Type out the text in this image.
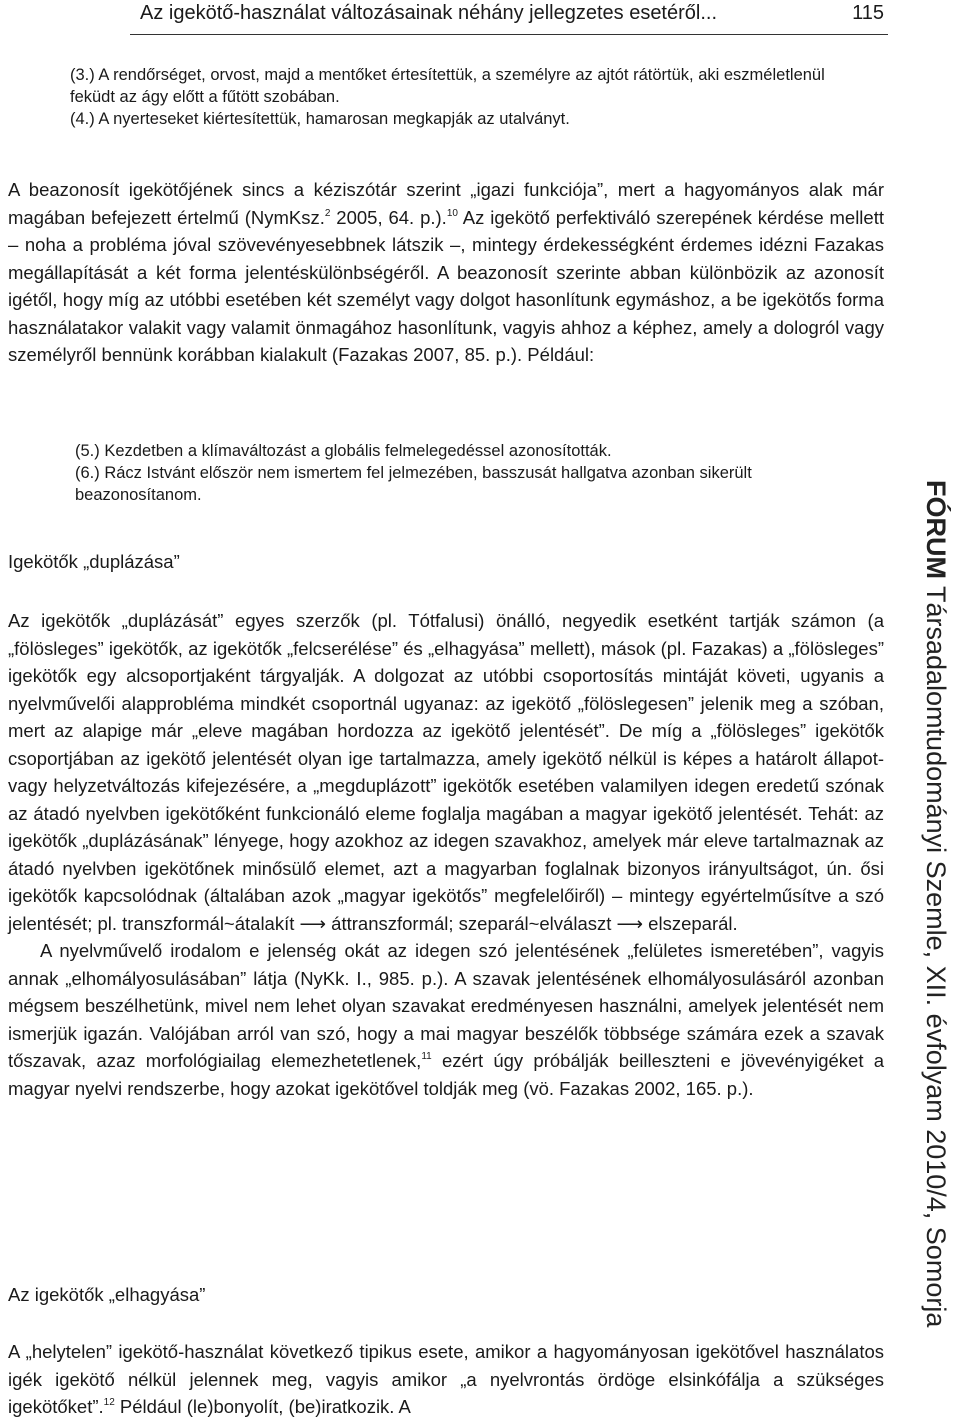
Az igekötő-használat változásainak néhány jellegzetes esetéről...	115

(3.) A rendőrséget, orvost, majd a mentőket értesítettük, a személyre az ajtót rátörtük, aki eszméletlenül feküdt az ágy előtt a fűtött szobában.

(4.) A nyerteseket kiértesítettük, hamarosan megkapják az utalványt.

A beazonosít igekötőjének sincs a kéziszótár szerint „igazi funkciója”, mert a hagyományos alak már magában befejezett értelmű (NymKsz.$^2$ 2005, 64. p.).$^{10}$ Az igekötő perfektiváló szerepének kérdése mellett – noha a probléma jóval szövevényesebbnek látszik –, mintegy érdekességként érdemes idézni Fazakas megállapítását a két forma jelentéskülönbségéről. A beazonosít szerinte abban különbözik az azonosít igétől, hogy míg az utóbbi esetében két személyt vagy dolgot hasonlítunk egymáshoz, a be igekötős forma használatakor valakit vagy valamit önmagához hasonlítunk, vagyis ahhoz a képhez, amely a dologról vagy személyről bennünk korábban kialakult (Fazakas 2007, 85. p.). Például:

(5.) Kezdetben a klímaváltozást a globális felmelegedéssel azonosították.

(6.) Rácz Istvánt először nem ismertem fel jelmezében, basszusát hallgatva azonban sikerült beazonosítanom.

Igekötők „duplázása”

Az igekötők „duplázását” egyes szerzők (pl. Tótfalusi) önálló, negyedik esetként tartják számon (a „fölösleges” igekötők, az igekötők „felcserélése” és „elhagyása” mellett), mások (pl. Fazakas) a „fölösleges” igekötők egy alcsoportjaként tárgyalják. A dolgozat az utóbbi csoportosítás mintáját követi, ugyanis a nyelvművelői alapprobléma mindkét csoportnál ugyanaz: az igekötő „fölöslegesen” jelenik meg a szóban, mert az alapige már „eleve magában hordozza az igekötő jelentését”. De míg a „fölösleges” igekötők csoportjában az igekötő jelentését olyan ige tartalmazza, amely igekötő nélkül is képes a határolt állapot- vagy helyzetváltozás kifejezésére, a „megduplázott” igekötők esetében valamilyen idegen eredetű szónak az átadó nyelvben igekötőként funkcionáló eleme foglalja magában a magyar igekötő jelentését. Tehát: az igekötők „duplázásának” lényege, hogy azokhoz az idegen szavakhoz, amelyek már eleve tartalmaznak az átadó nyelvben igekötőnek minősülő elemet, azt a magyarban foglalnak bizonyos irányultságot, ún. ősi igekötők kapcsolódnak (általában azok „magyar igekötős” megfelelőiről) – mintegy egyértelműsítve a szó jelentését; pl. transzformál~átalakít ⟶ áttranszformál; szeparál~elválaszt ⟶ elszeparál.

A nyelvművelő irodalom e jelenség okát az idegen szó jelentésének „felületes ismeretében”, vagyis annak „elhomályosulásában” látja (NyKk. I., 985. p.). A szavak jelentésének elhomályosulásáról azonban mégsem beszélhetünk, mivel nem lehet olyan szavakat eredményesen használni, amelyek jelentését nem ismerjük igazán. Valójában arról van szó, hogy a mai magyar beszélők többsége számára ezek a szavak tőszavak, azaz morfológiailag elemezhetetlenek,$^{11}$ ezért úgy próbálják beilleszteni e jövevényigéket a magyar nyelvi rendszerbe, hogy azokat igekötővel toldják meg (vö. Fazakas 2002, 165. p.).

Az igekötők „elhagyása”

A „helytelen” igekötő-használat következő tipikus esete, amikor a hagyományosan igekötővel használatos igék igekötő nélkül jelennek meg, vagyis amikor „a nyelvrontás ördöge elsinkófálja a szükséges igekötőket”.$^{12}$ Például (le)bonyolít, (be)iratkozik. A

FÓRUM Társadalomtudományi Szemle, XII. évfolyam 2010/4, Somorja
